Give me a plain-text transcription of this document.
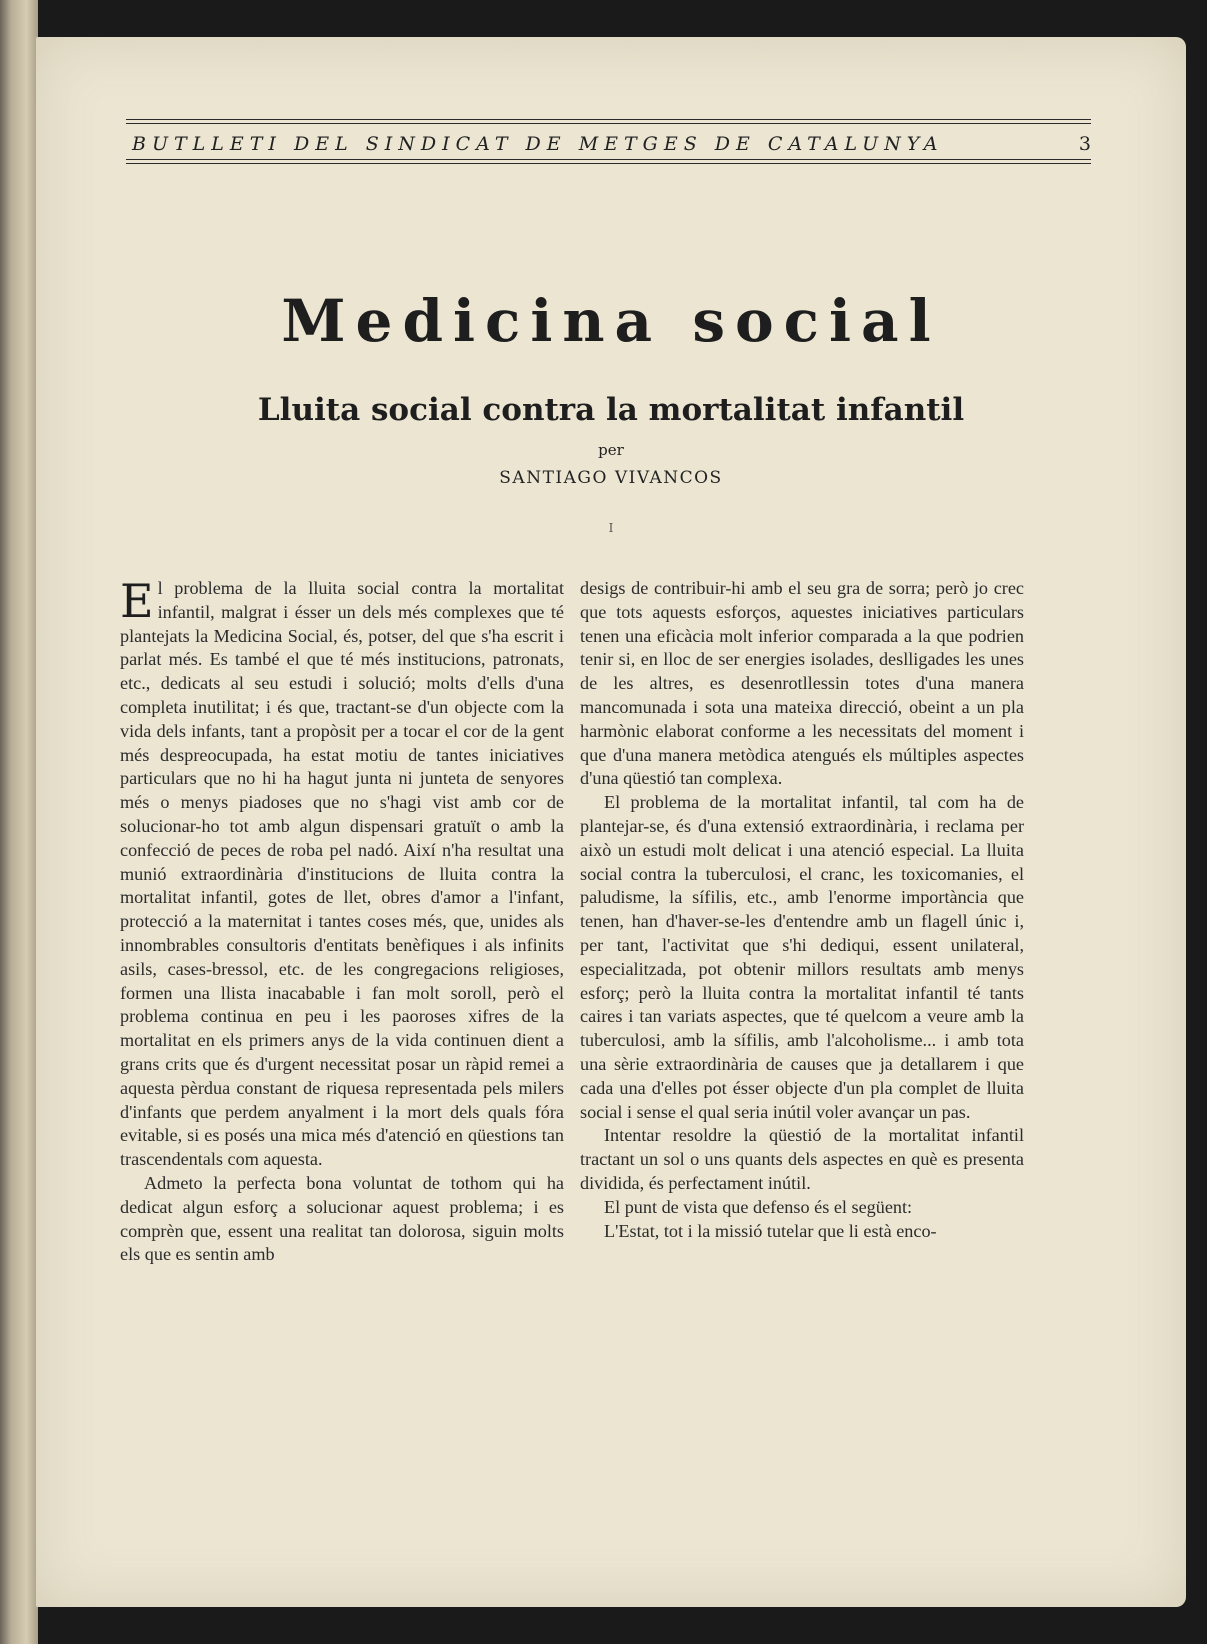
BUTLLETI DEL SINDICAT DE METGES DE CATALUNYA	3
Medicina social
Lluita social contra la mortalitat infantil
per
SANTIAGO VIVANCOS
I

El problema de la lluita social contra la mortalitat infantil, malgrat i ésser un dels més complexes que té plantejats la Medicina Social, és, potser, del que s'ha escrit i parlat més. Es també el que té més institucions, patronats, etc., dedicats al seu estudi i solució; molts d'ells d'una completa inutilitat; i és que, tractant-se d'un objecte com la vida dels infants, tant a propòsit per a tocar el cor de la gent més despreocupada, ha estat motiu de tantes iniciatives particulars que no hi ha hagut junta ni junteta de senyores més o menys piadoses que no s'hagi vist amb cor de solucionar-ho tot amb algun dispensari gratuït o amb la confecció de peces de roba pel nadó. Així n'ha resultat una munió extraordinària d'institucions de lluita contra la mortalitat infantil, gotes de llet, obres d'amor a l'infant, protecció a la maternitat i tantes coses més, que, unides als innombrables consultoris d'entitats benèfiques i als infinits asils, cases-bressol, etc. de les congregacions religioses, formen una llista inacabable i fan molt soroll, però el problema continua en peu i les paoroses xifres de la mortalitat en els primers anys de la vida continuen dient a grans crits que és d'urgent necessitat posar un ràpid remei a aquesta pèrdua constant de riquesa representada pels milers d'infants que perdem anyalment i la mort dels quals fóra evitable, si es posés una mica més d'atenció en qüestions tan trascendentals com aquesta.

Admeto la perfecta bona voluntat de tothom qui ha dedicat algun esforç a solucionar aquest problema; i es comprèn que, essent una realitat tan dolorosa, siguin molts els que es sentin amb

desigs de contribuir-hi amb el seu gra de sorra; però jo crec que tots aquests esforços, aquestes iniciatives particulars tenen una eficàcia molt inferior comparada a la que podrien tenir si, en lloc de ser energies isolades, deslligades les unes de les altres, es desenrotllessin totes d'una manera mancomunada i sota una mateixa direcció, obeint a un pla harmònic elaborat conforme a les necessitats del moment i que d'una manera metòdica atengués els múltiples aspectes d'una qüestió tan complexa.

El problema de la mortalitat infantil, tal com ha de plantejar-se, és d'una extensió extraordinària, i reclama per això un estudi molt delicat i una atenció especial. La lluita social contra la tuberculosi, el cranc, les toxicomanies, el paludisme, la sífilis, etc., amb l'enorme importància que tenen, han d'haver-se-les d'entendre amb un flagell únic i, per tant, l'activitat que s'hi dediqui, essent unilateral, especialitzada, pot obtenir millors resultats amb menys esforç; però la lluita contra la mortalitat infantil té tants caires i tan variats aspectes, que té quelcom a veure amb la tuberculosi, amb la sífilis, amb l'alcoholisme... i amb tota una sèrie extraordinària de causes que ja detallarem i que cada una d'elles pot ésser objecte d'un pla complet de lluita social i sense el qual seria inútil voler avançar un pas.

Intentar resoldre la qüestió de la mortalitat infantil tractant un sol o uns quants dels aspectes en què es presenta dividida, és perfectament inútil.

El punt de vista que defenso és el següent:

L'Estat, tot i la missió tutelar que li està enco-
